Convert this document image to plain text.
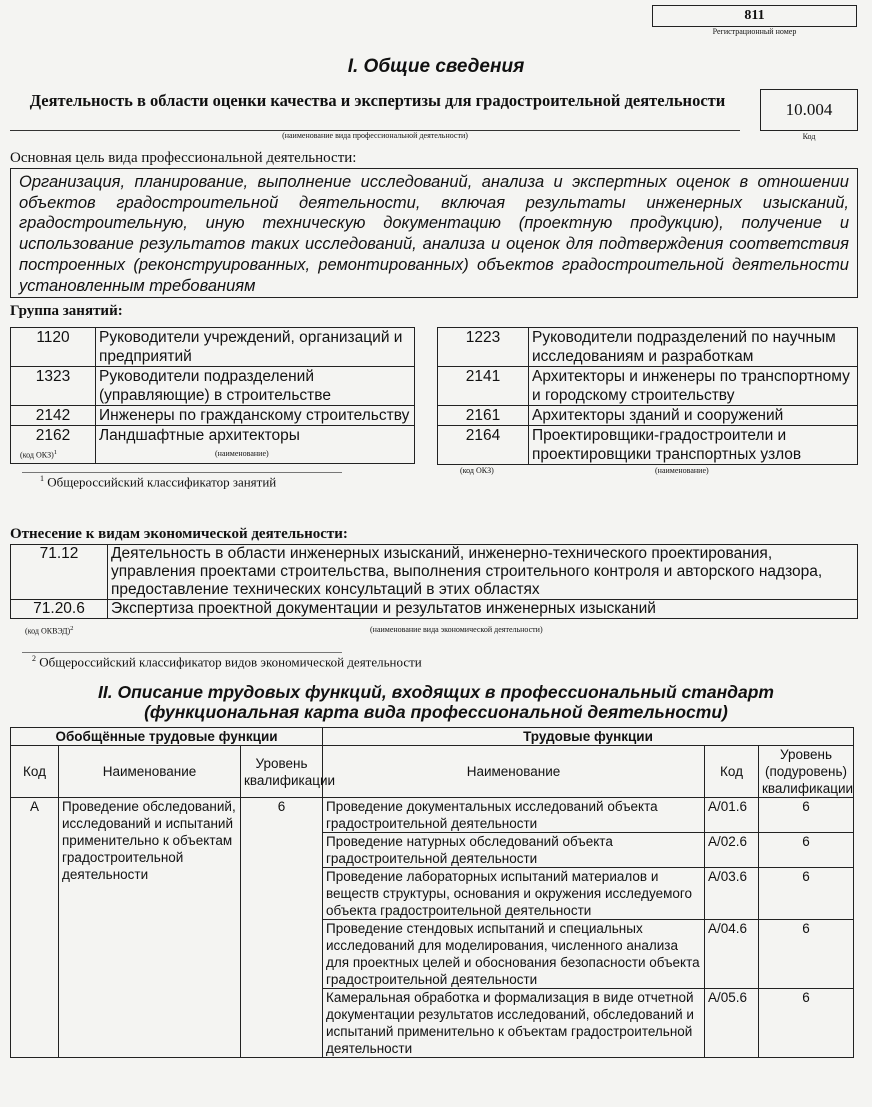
811
Регистрационный номер
I. Общие сведения
Деятельность в области оценки качества и экспертизы для градостроительной деятельности
(наименование вида профессиональной деятельности)
10.004
Код
Основная цель вида профессиональной деятельности:
Организация, планирование, выполнение исследований, анализа и экспертных оценок в отношении объектов градостроительной деятельности, включая результаты инженерных изысканий, градостроительную, иную техническую документацию (проектную продукцию), получение и использование результатов таких исследований, анализа и оценок для подтверждения соответствия построенных (реконструированных, ремонтированных) объектов градостроительной деятельности установленным требованиям
Группа занятий:
1120	Руководители учреждений, организаций и предприятий
1323	Руководители подразделений (управляющие) в строительстве
2142	Инженеры по гражданскому строительству
2162	Ландшафтные архитекторы
(код ОКЗ)$^1$	(наименование)
1223	Руководители подразделений по научным исследованиям и разработкам
2141	Архитекторы и инженеры по транспортному и городскому строительству
2161	Архитекторы зданий и сооружений
2164	Проектировщики-градостроители и проектировщики транспортных узлов
(код ОКЗ)	(наименование)
$^1$ Общероссийский классификатор занятий
Отнесение к видам экономической деятельности:
71.12	Деятельность в области инженерных изысканий, инженерно-технического проектирования, управления проектами строительства, выполнения строительного контроля и авторского надзора, предоставление технических консультаций в этих областях
71.20.6	Экспертиза проектной документации и результатов инженерных изысканий
(код ОКВЭД)$^2$	(наименование вида экономической деятельности)
$^2$ Общероссийский классификатор видов экономической деятельности
II. Описание трудовых функций, входящих в профессиональный стандарт
(функциональная карта вида профессиональной деятельности)
Обобщённые трудовые функции			Трудовые функции		
Код	Наименование	Уровень квалификации	Наименование	Код	Уровень (подуровень) квалификации
A	Проведение обследований, исследований и испытаний применительно к объектам градостроительной деятельности	6	Проведение документальных исследований объекта градостроительной деятельности	A/01.6	6
			Проведение натурных обследований объекта градостроительной деятельности	A/02.6	6
			Проведение лабораторных испытаний материалов и веществ структуры, основания и окружения исследуемого объекта градостроительной деятельности	A/03.6	6
			Проведение стендовых испытаний и специальных исследований для моделирования, численного анализа для проектных целей и обоснования безопасности объекта градостроительной деятельности	A/04.6	6
			Камеральная обработка и формализация в виде отчетной документации результатов исследований, обследований и испытаний применительно к объектам градостроительной деятельности	A/05.6	6
